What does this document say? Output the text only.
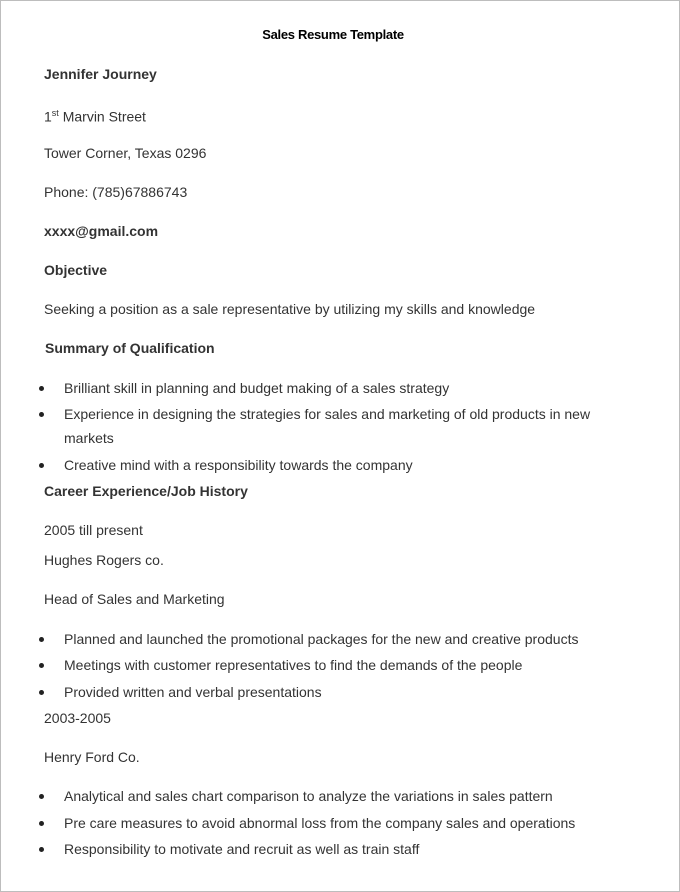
Sales Resume Template
Jennifer Journey
1st Marvin Street
Tower Corner, Texas 0296
Phone: (785)67886743
xxxx@gmail.com
Objective
Seeking a position as a sale representative by utilizing my skills and knowledge
Summary of Qualification
Brilliant skill in planning and budget making of a sales strategy
Experience in designing the strategies for sales and marketing of old products in new
markets
Creative mind with a responsibility towards the company
Career Experience/Job History
2005 till present
Hughes Rogers co.
Head of Sales and Marketing
Planned and launched the promotional packages for the new and creative products
Meetings with customer representatives to find the demands of the people
Provided written and verbal presentations
2003-2005
Henry Ford Co.
Analytical and sales chart comparison to analyze the variations in sales pattern
Pre care measures to avoid abnormal loss from the company sales and operations
Responsibility to motivate and recruit as well as train staff
